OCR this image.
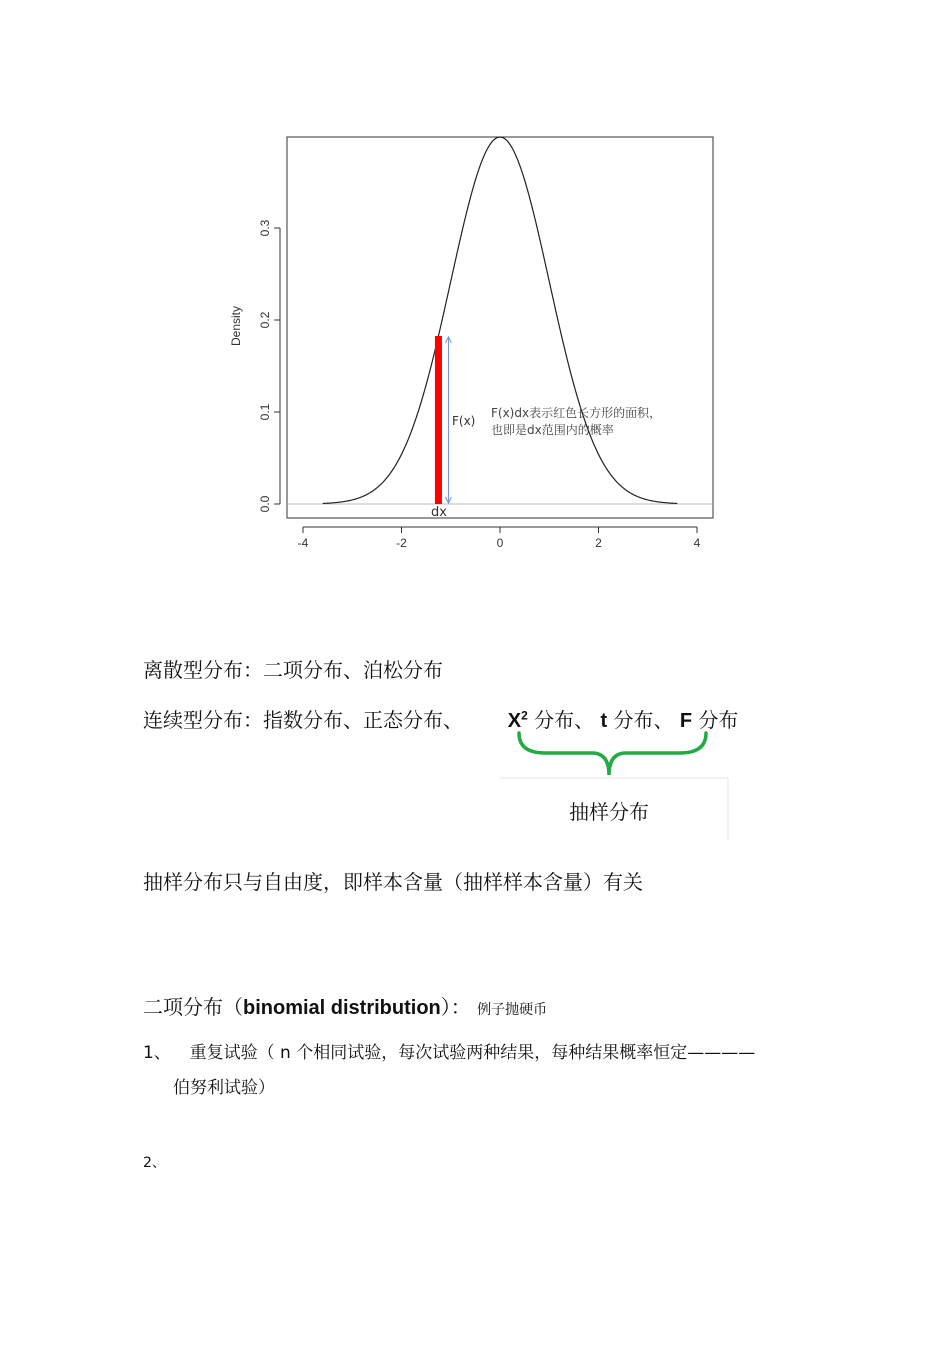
-4	-2	0	2	4
0.0
0.1
0.2
0.3
F(x)
dx
F(x)dx表示红色长方形的面积，
也即是dx范围内的概率
Density
离散型分布：二项分布、泊松分布
连续型分布：指数分布、正态分布、 $X^2$ 分布、 t 分布、 F 分布
抽样分布
抽样分布只与自由度，即样本含量（抽样样本含量）有关
二项分布（binomial distribution）： 例子抛硬币
1、 重复试验（ n 个相同试验，每次试验两种结果，每种结果概率恒定————
伯努利试验）
2、
